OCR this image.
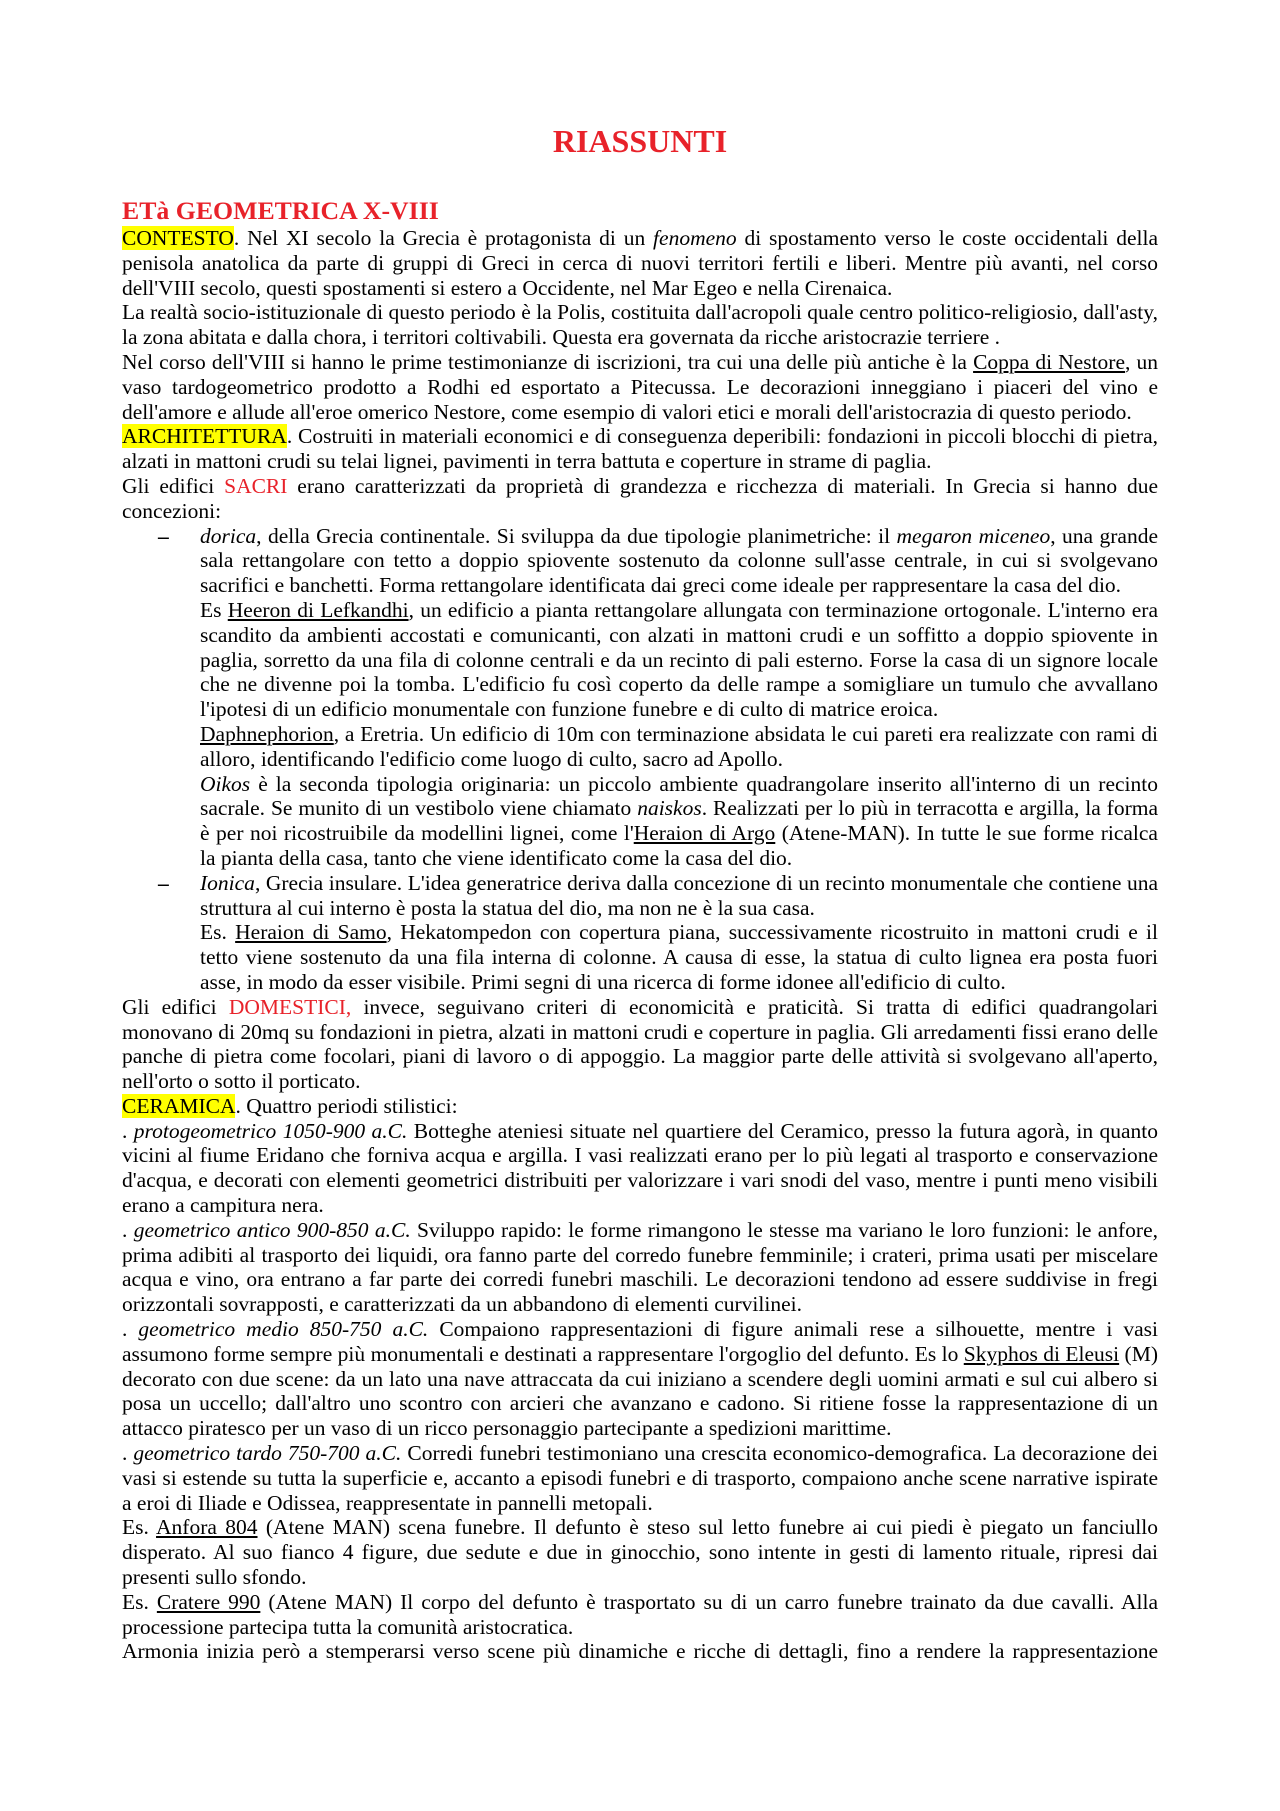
RIASSUNTI
ETà GEOMETRICA X-VIII

CONTESTO. Nel XI secolo la Grecia è protagonista di un fenomeno di spostamento verso le coste occidentali della penisola anatolica da parte di gruppi di Greci in cerca di nuovi territori fertili e liberi. Mentre più avanti, nel corso dell'VIII secolo, questi spostamenti si estero a Occidente, nel Mar Egeo e nella Cirenaica.

La realtà socio-istituzionale di questo periodo è la Polis, costituita dall'acropoli quale centro politico-religiosio, dall'asty, la zona abitata e dalla chora, i territori coltivabili. Questa era governata da ricche aristocrazie terriere .

Nel corso dell'VIII si hanno le prime testimonianze di iscrizioni, tra cui una delle più antiche è la Coppa di Nestore, un vaso tardogeometrico prodotto a Rodhi ed esportato a Pitecussa. Le decorazioni inneggiano i piaceri del vino e dell'amore e allude all'eroe omerico Nestore, come esempio di valori etici e morali dell'aristocrazia di questo periodo.

ARCHITETTURA. Costruiti in materiali economici e di conseguenza deperibili: fondazioni in piccoli blocchi di pietra, alzati in mattoni crudi su telai lignei, pavimenti in terra battuta e coperture in strame di paglia.

Gli edifici SACRI erano caratterizzati da proprietà di grandezza e ricchezza di materiali. In Grecia si hanno due concezioni:

– dorica, della Grecia continentale. Si sviluppa da due tipologie planimetriche: il megaron miceneo, una grande sala rettangolare con tetto a doppio spiovente sostenuto da colonne sull'asse centrale, in cui si svolgevano sacrifici e banchetti. Forma rettangolare identificata dai greci come ideale per rappresentare la casa del dio.

Es Heeron di Lefkandhi, un edificio a pianta rettangolare allungata con terminazione ortogonale. L'interno era scandito da ambienti accostati e comunicanti, con alzati in mattoni crudi e un soffitto a doppio spiovente in paglia, sorretto da una fila di colonne centrali e da un recinto di pali esterno. Forse la casa di un signore locale che ne divenne poi la tomba. L'edificio fu così coperto da delle rampe a somigliare un tumulo che avvallano l'ipotesi di un edificio monumentale con funzione funebre e di culto di matrice eroica.

Daphnephorion, a Eretria. Un edificio di 10m con terminazione absidata le cui pareti era realizzate con rami di alloro, identificando l'edificio come luogo di culto, sacro ad Apollo.

Oikos è la seconda tipologia originaria: un piccolo ambiente quadrangolare inserito all'interno di un recinto sacrale. Se munito di un vestibolo viene chiamato naiskos. Realizzati per lo più in terracotta e argilla, la forma è per noi ricostruibile da modellini lignei, come l'Heraion di Argo (Atene-MAN). In tutte le sue forme ricalca la pianta della casa, tanto che viene identificato come la casa del dio.

– Ionica, Grecia insulare. L'idea generatrice deriva dalla concezione di un recinto monumentale che contiene una struttura al cui interno è posta la statua del dio, ma non ne è la sua casa.

Es. Heraion di Samo, Hekatompedon con copertura piana, successivamente ricostruito in mattoni crudi e il tetto viene sostenuto da una fila interna di colonne. A causa di esse, la statua di culto lignea era posta fuori asse, in modo da esser visibile. Primi segni di una ricerca di forme idonee all'edificio di culto.

Gli edifici DOMESTICI, invece, seguivano criteri di economicità e praticità. Si tratta di edifici quadrangolari monovano di 20mq su fondazioni in pietra, alzati in mattoni crudi e coperture in paglia. Gli arredamenti fissi erano delle panche di pietra come focolari, piani di lavoro o di appoggio. La maggior parte delle attività si svolgevano all'aperto, nell'orto o sotto il porticato.

CERAMICA. Quattro periodi stilistici:

. protogeometrico 1050-900 a.C. Botteghe ateniesi situate nel quartiere del Ceramico, presso la futura agorà, in quanto vicini al fiume Eridano che forniva acqua e argilla. I vasi realizzati erano per lo più legati al trasporto e conservazione d'acqua, e decorati con elementi geometrici distribuiti per valorizzare i vari snodi del vaso, mentre i punti meno visibili erano a campitura nera.

. geometrico antico 900-850 a.C. Sviluppo rapido: le forme rimangono le stesse ma variano le loro funzioni: le anfore, prima adibiti al trasporto dei liquidi, ora fanno parte del corredo funebre femminile; i crateri, prima usati per miscelare acqua e vino, ora entrano a far parte dei corredi funebri maschili. Le decorazioni tendono ad essere suddivise in fregi orizzontali sovrapposti, e caratterizzati da un abbandono di elementi curvilinei.

. geometrico medio 850-750 a.C. Compaiono rappresentazioni di figure animali rese a silhouette, mentre i vasi assumono forme sempre più monumentali e destinati a rappresentare l'orgoglio del defunto. Es lo Skyphos di Eleusi (M) decorato con due scene: da un lato una nave attraccata da cui iniziano a scendere degli uomini armati e sul cui albero si posa un uccello; dall'altro uno scontro con arcieri che avanzano e cadono. Si ritiene fosse la rappresentazione di un attacco piratesco per un vaso di un ricco personaggio partecipante a spedizioni marittime.

. geometrico tardo 750-700 a.C. Corredi funebri testimoniano una crescita economico-demografica. La decorazione dei vasi si estende su tutta la superficie e, accanto a episodi funebri e di trasporto, compaiono anche scene narrative ispirate a eroi di Iliade e Odissea, reappresentate in pannelli metopali.

Es. Anfora 804 (Atene MAN) scena funebre. Il defunto è steso sul letto funebre ai cui piedi è piegato un fanciullo disperato. Al suo fianco 4 figure, due sedute e due in ginocchio, sono intente in gesti di lamento rituale, ripresi dai presenti sullo sfondo.

Es. Cratere 990 (Atene MAN) Il corpo del defunto è trasportato su di un carro funebre trainato da due cavalli. Alla processione partecipa tutta la comunità aristocratica.

Armonia inizia però a stemperarsi verso scene più dinamiche e ricche di dettagli, fino a rendere la rappresentazione
